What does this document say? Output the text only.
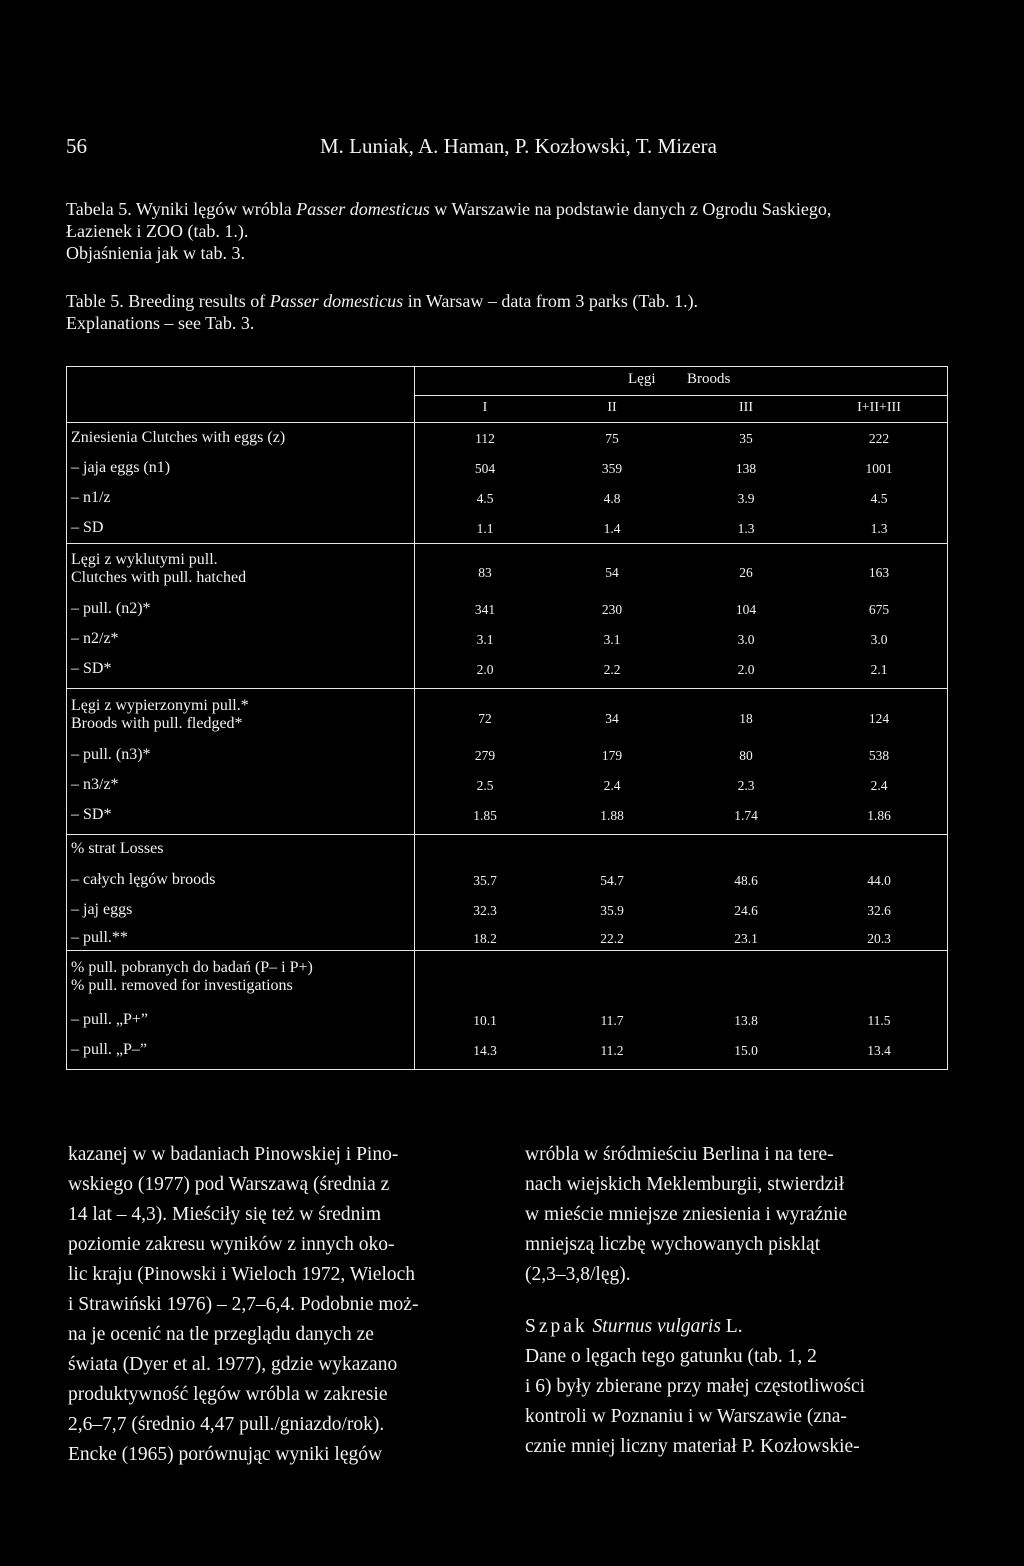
56	M. Luniak, A. Haman, P. Kozłowski, T. Mizera
Tabela 5. Wyniki lęgów wróbla Passer domesticus w Warszawie na podstawie danych z Ogrodu Saskiego,
Łazienek i ZOO (tab. 1.).
Objaśnienia jak w tab. 3.
Table 5. Breeding results of Passer domesticus in Warsaw – data from 3 parks (Tab. 1.).
Explanations – see Tab. 3.
Lęgi Broods
I	II	III	I+II+III
Zniesienia Clutches with eggs (z)	112	75	35	222
– jaja eggs (n1)	504	359	138	1001
– n1/z	4.5	4.8	3.9	4.5
– SD	1.1	1.4	1.3	1.3
Lęgi z wyklutymi pull.
Clutches with pull. hatched	83	54	26	163
– pull. (n2)*	341	230	104	675
– n2/z*	3.1	3.1	3.0	3.0
– SD*	2.0	2.2	2.0	2.1
Lęgi z wypierzonymi pull.*
Broods with pull. fledged*	72	34	18	124
– pull. (n3)*	279	179	80	538
– n3/z*	2.5	2.4	2.3	2.4
– SD*	1.85	1.88	1.74	1.86
% strat Losses
– całych lęgów broods	35.7	54.7	48.6	44.0
– jaj eggs	32.3	35.9	24.6	32.6
– pull.**	18.2	22.2	23.1	20.3
% pull. pobranych do badań (P– i P+)
% pull. removed for investigations
– pull. „P+”	10.1	11.7	13.8	11.5
– pull. „P–”	14.3	11.2	15.0	13.4
kazanej w w badaniach Pinowskiej i Pino-
wskiego (1977) pod Warszawą (średnia z
14 lat – 4,3). Mieściły się też w średnim
poziomie zakresu wyników z innych oko-
lic kraju (Pinowski i Wieloch 1972, Wieloch
i Strawiński 1976) – 2,7–6,4. Podobnie moż-
na je ocenić na tle przeglądu danych ze
świata (Dyer et al. 1977), gdzie wykazano
produktywność lęgów wróbla w zakresie
2,6–7,7 (średnio 4,47 pull./gniazdo/rok).
Encke (1965) porównując wyniki lęgów
wróbla w śródmieściu Berlina i na tere-
nach wiejskich Meklemburgii, stwierdził
w mieście mniejsze zniesienia i wyraźnie
mniejszą liczbę wychowanych piskląt
(2,3–3,8/lęg).
Szpak Sturnus vulgaris L.
Dane o lęgach tego gatunku (tab. 1, 2
i 6) były zbierane przy małej częstotliwości
kontroli w Poznaniu i w Warszawie (zna-
cznie mniej liczny materiał P. Kozłowskie-
